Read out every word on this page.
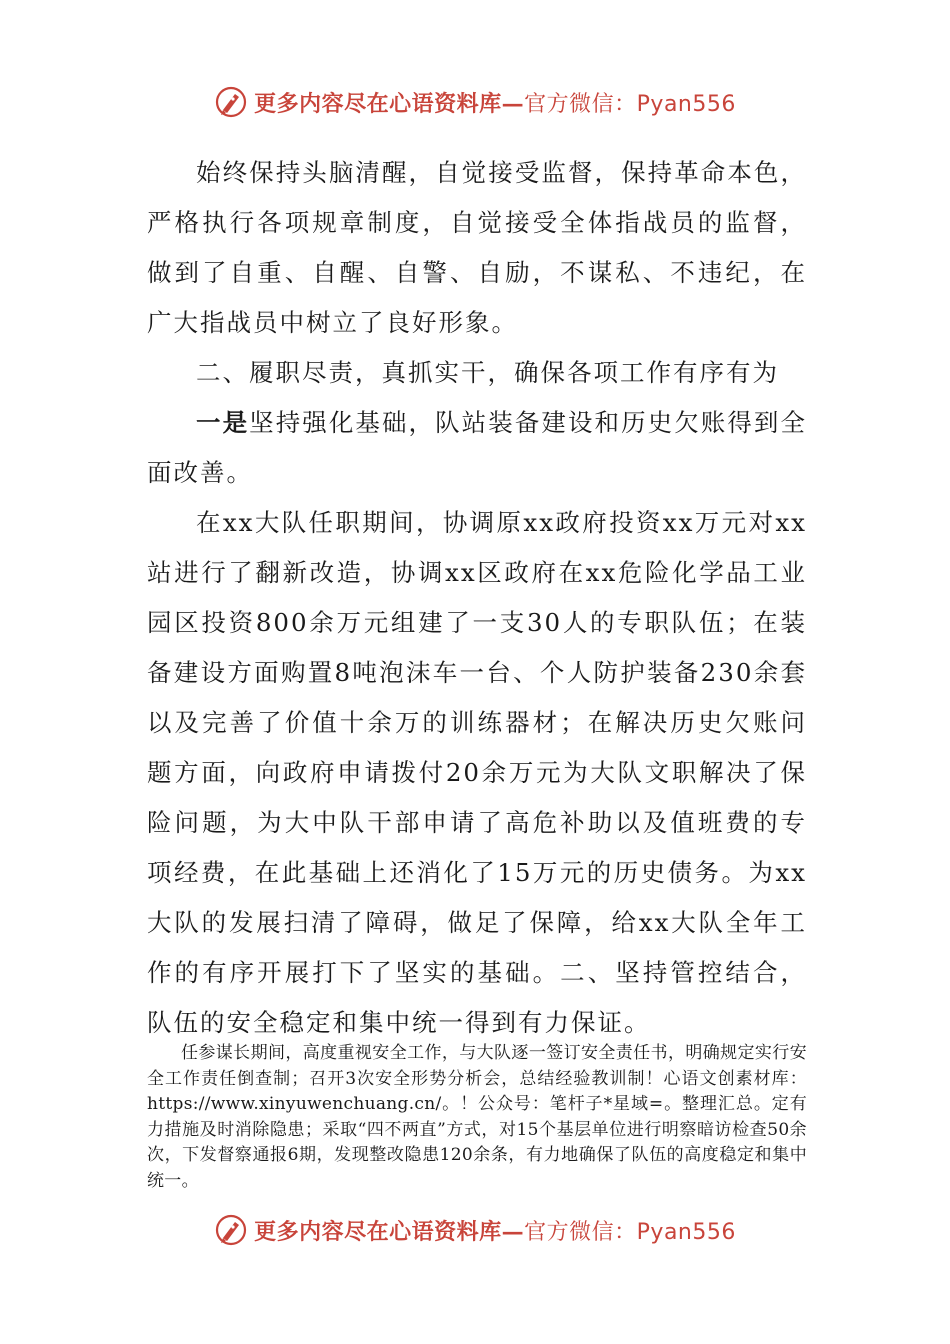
更多内容尽在心语资料库—官方微信：Pyan556

始终保持头脑清醒，自觉接受监督，保持革命本色，严格执行各项规章制度，自觉接受全体指战员的监督，做到了自重、自醒、自警、自励，不谋私、不违纪，在广大指战员中树立了良好形象。

二、履职尽责，真抓实干，确保各项工作有序有为

一是坚持强化基础，队站装备建设和历史欠账得到全面改善。

在xx大队任职期间，协调原xx政府投资xx万元对xx站进行了翻新改造，协调xx区政府在xx危险化学品工业园区投资800余万元组建了一支30人的专职队伍；在装备建设方面购置8吨泡沫车一台、个人防护装备230余套以及完善了价值十余万的训练器材；在解决历史欠账问题方面，向政府申请拨付20余万元为大队文职解决了保险问题，为大中队干部申请了高危补助以及值班费的专项经费，在此基础上还消化了15万元的历史债务。为xx大队的发展扫清了障碍，做足了保障，给xx大队全年工作的有序开展打下了坚实的基础。二、坚持管控结合，队伍的安全稳定和集中统一得到有力保证。

任参谋长期间，高度重视安全工作，与大队逐一签订安全责任书，明确规定实行安全工作责任倒查制；召开3次安全形势分析会，总结经验教训制！心语文创素材库：https://www.xinyuwenchuang.cn/。！公众号：笔杆子*星域=。整理汇总。定有力措施及时消除隐患；采取“四不两直”方式，对15个基层单位进行明察暗访检查50余次，下发督察通报6期，发现整改隐患120余条，有力地确保了队伍的高度稳定和集中统一。

更多内容尽在心语资料库—官方微信：Pyan556
